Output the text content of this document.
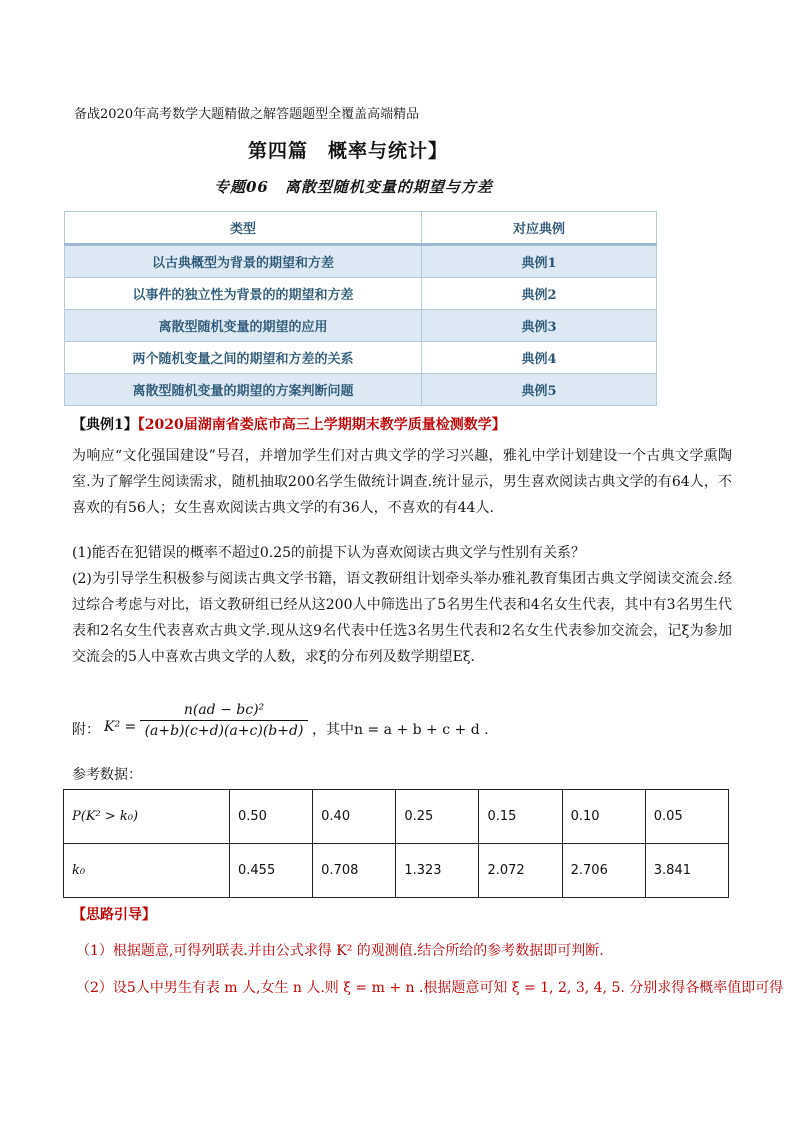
备战2020年高考数学大题精做之解答题题型全覆盖高端精品
第四篇　概率与统计】
专题06　离散型随机变量的期望与方差
类型	对应典例
以古典概型为背景的期望和方差	典例1
以事件的独立性为背景的的期望和方差	典例2
离散型随机变量的期望的应用	典例3
两个随机变量之间的期望和方差的关系	典例4
离散型随机变量的期望的方案判断问题	典例5
【典例1】【2020届湖南省娄底市高三上学期期末教学质量检测数学】
为响应“文化强国建设”号召，并增加学生们对古典文学的学习兴趣，雅礼中学计划建设一个古典文学熏陶室.为了解学生阅读需求，随机抽取200名学生做统计调查.统计显示，男生喜欢阅读古典文学的有64人，不喜欢的有56人；女生喜欢阅读古典文学的有36人，不喜欢的有44人.
(1)能否在犯错误的概率不超过0.25的前提下认为喜欢阅读古典文学与性别有关系？
(2)为引导学生积极参与阅读古典文学书籍，语文教研组计划牵头举办雅礼教育集团古典文学阅读交流会.经过综合考虑与对比，语文教研组已经从这200人中筛选出了5名男生代表和4名女生代表，其中有3名男生代表和2名女生代表喜欢古典文学.现从这9名代表中任选3名男生代表和2名女生代表参加交流会，记ξ为参加交流会的5人中喜欢古典文学的人数，求ξ的分布列及数学期望Eξ.
附： $K^2 = \frac{\text{n(ad − bc)²}}{(a+b)(c+d)(a+c)(b+d)}$ ，其中n = a + b + c + d .
参考数据：
P(K² > k₀)	0.50	0.40	0.25	0.15	0.10	0.05
k₀	0.455	0.708	1.323	2.072	2.706	3.841
【思路引导】
（1）根据题意,可得列联表.并由公式求得 K² 的观测值.结合所给的参考数据即可判断.
（2）设5人中男生有表 m 人,女生 n 人.则 ξ = m + n .根据题意可知 ξ = 1, 2, 3, 4, 5. 分别求得各概率值即可得
